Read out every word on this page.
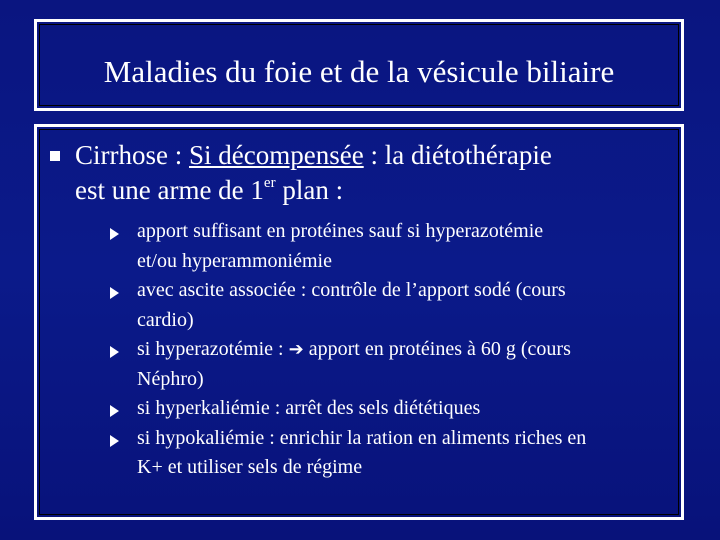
Maladies du foie et de la vésicule biliaire
Cirrhose : Si décompensée : la diétothérapie
est une arme de 1er plan :
apport suffisant en protéines sauf si hyperazotémie
et/ou hyperammoniémie
avec ascite associée : contrôle de l’apport sodé (cours
cardio)
si hyperazotémie : ➔ apport en protéines à 60 g (cours
Néphro)
si hyperkaliémie : arrêt des sels diététiques
si hypokaliémie : enrichir la ration en aliments riches en
K+ et utiliser sels de régime
